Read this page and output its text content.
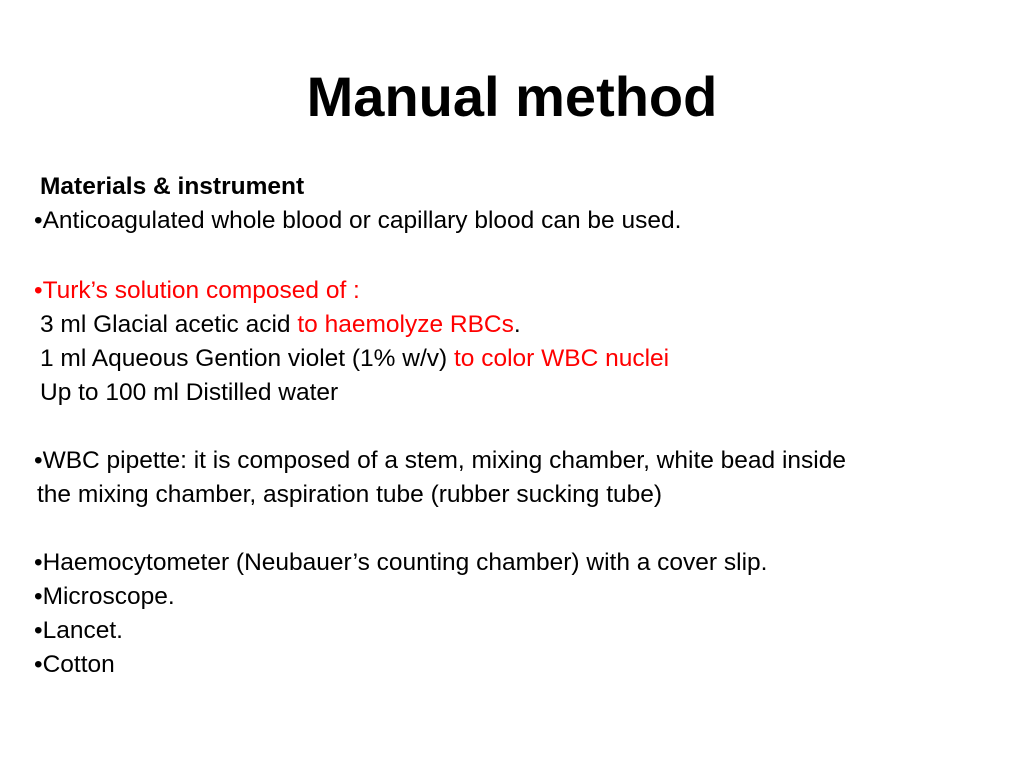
Manual method
Materials & instrument
•Anticoagulated whole blood or capillary blood can be used.
•Turk’s solution composed of :
3 ml Glacial acetic acid to haemolyze RBCs.
1 ml Aqueous Gention violet (1% w/v) to color WBC nuclei
Up to 100 ml Distilled water
•WBC pipette: it is composed of a stem, mixing chamber, white bead inside
the mixing chamber, aspiration tube (rubber sucking tube)
•Haemocytometer (Neubauer’s counting chamber) with a cover slip.
•Microscope.
•Lancet.
•Cotton
